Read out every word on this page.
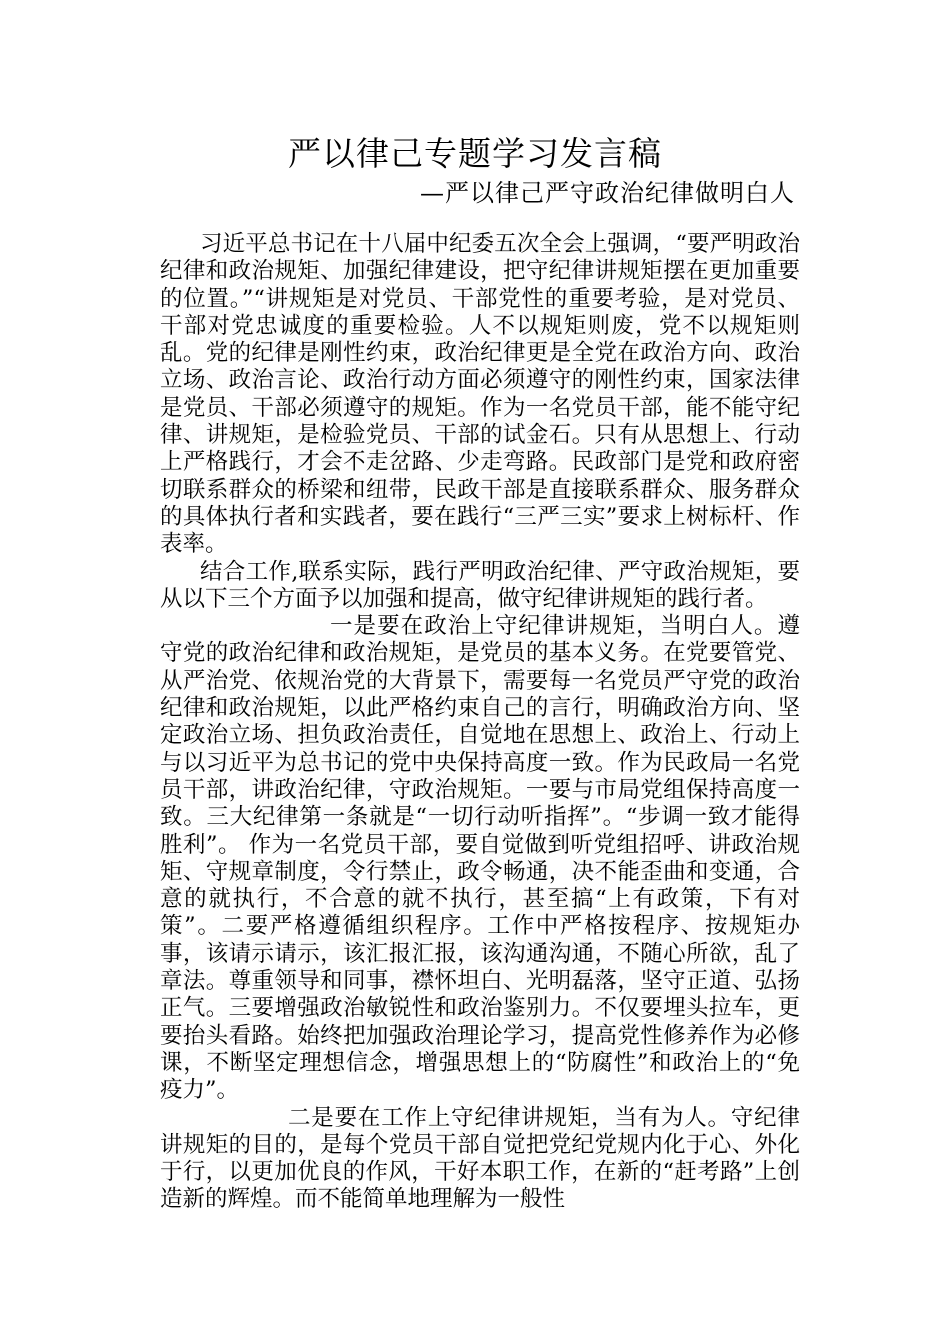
严以律己专题学习发言稿

—严以律己严守政治纪律做明白人

习近平总书记在十八届中纪委五次全会上强调，“要严明政治纪律和政治规矩、加强纪律建设，把守纪律讲规矩摆在更加重要的位置。”“讲规矩是对党员、干部党性的重要考验，是对党员、干部对党忠诚度的重要检验。人不以规矩则废，党不以规矩则乱。党的纪律是刚性约束，政治纪律更是全党在政治方向、政治立场、政治言论、政治行动方面必须遵守的刚性约束，国家法律是党员、干部必须遵守的规矩。作为一名党员干部，能不能守纪律、讲规矩，是检验党员、干部的试金石。只有从思想上、行动上严格践行，才会不走岔路、少走弯路。民政部门是党和政府密切联系群众的桥梁和纽带，民政干部是直接联系群众、服务群众的具体执行者和实践者，要在践行“三严三实”要求上树标杆、作表率。

结合工作,联系实际，践行严明政治纪律、严守政治规矩，要从以下三个方面予以加强和提高，做守纪律讲规矩的践行者。

一是要在政治上守纪律讲规矩，当明白人。遵守党的政治纪律和政治规矩，是党员的基本义务。在党要管党、从严治党、依规治党的大背景下，需要每一名党员严守党的政治纪律和政治规矩，以此严格约束自己的言行，明确政治方向、坚定政治立场、担负政治责任，自觉地在思想上、政治上、行动上与以习近平为总书记的党中央保持高度一致。作为民政局一名党员干部，讲政治纪律，守政治规矩。一要与市局党组保持高度一致。三大纪律第一条就是“一切行动听指挥”。“步调一致才能得胜利”。 作为一名党员干部，要自觉做到听党组招呼、讲政治规矩、守规章制度，令行禁止，政令畅通，决不能歪曲和变通，合意的就执行，不合意的就不执行，甚至搞“上有政策，下有对策”。二要严格遵循组织程序。工作中严格按程序、按规矩办事，该请示请示，该汇报汇报，该沟通沟通，不随心所欲，乱了章法。尊重领导和同事，襟怀坦白、光明磊落，坚守正道、弘扬正气。三要增强政治敏锐性和政治鉴别力。不仅要埋头拉车，更要抬头看路。始终把加强政治理论学习，提高党性修养作为必修课，不断坚定理想信念，增强思想上的“防腐性”和政治上的“免疫力”。

二是要在工作上守纪律讲规矩，当有为人。守纪律讲规矩的目的，是每个党员干部自觉把党纪党规内化于心、外化于行，以更加优良的作风，干好本职工作，在新的“赶考路”上创造新的辉煌。而不能简单地理解为一般性
